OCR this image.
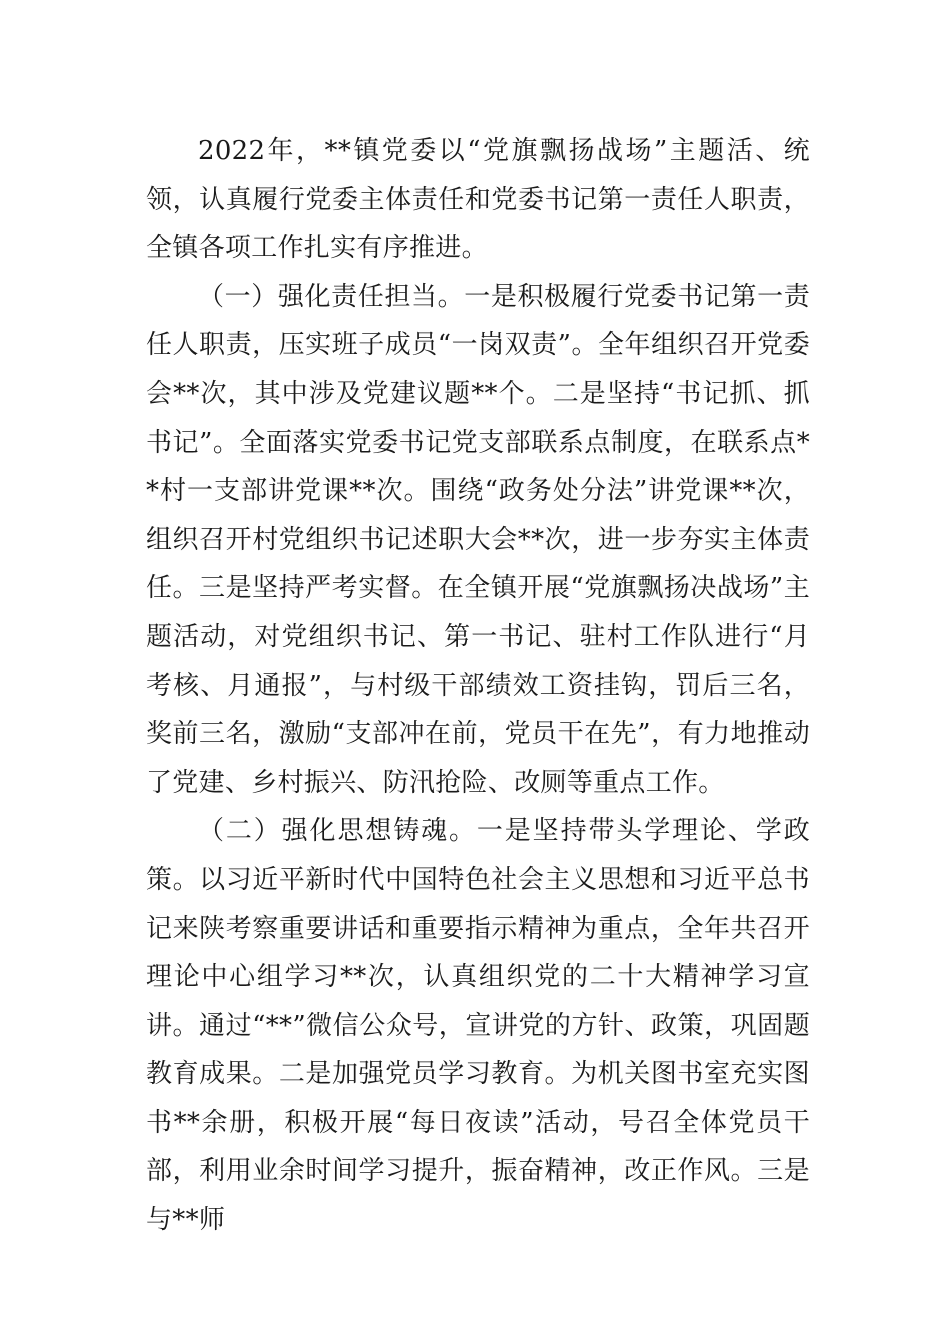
2022年，**镇党委以“党旗飘扬战场”主题活、统领，认真履行党委主体责任和党委书记第一责任人职责，全镇各项工作扎实有序推进。

（一）强化责任担当。一是积极履行党委书记第一责任人职责，压实班子成员“一岗双责”。全年组织召开党委会**次，其中涉及党建议题**个。二是坚持“书记抓、抓书记”。全面落实党委书记党支部联系点制度，在联系点**村一支部讲党课**次。围绕“政务处分法”讲党课**次，组织召开村党组织书记述职大会**次，进一步夯实主体责任。三是坚持严考实督。在全镇开展“党旗飘扬决战场”主题活动，对党组织书记、第一书记、驻村工作队进行“月考核、月通报”，与村级干部绩效工资挂钩，罚后三名，奖前三名，激励“支部冲在前，党员干在先”，有力地推动了党建、乡村振兴、防汛抢险、改厕等重点工作。

（二）强化思想铸魂。一是坚持带头学理论、学政策。以习近平新时代中国特色社会主义思想和习近平总书记来陕考察重要讲话和重要指示精神为重点，全年共召开理论中心组学习**次，认真组织党的二十大精神学习宣讲。通过“**”微信公众号，宣讲党的方针、政策，巩固题教育成果。二是加强党员学习教育。为机关图书室充实图书**余册，积极开展“每日夜读”活动，号召全体党员干部，利用业余时间学习提升，振奋精神，改正作风。三是与**师
